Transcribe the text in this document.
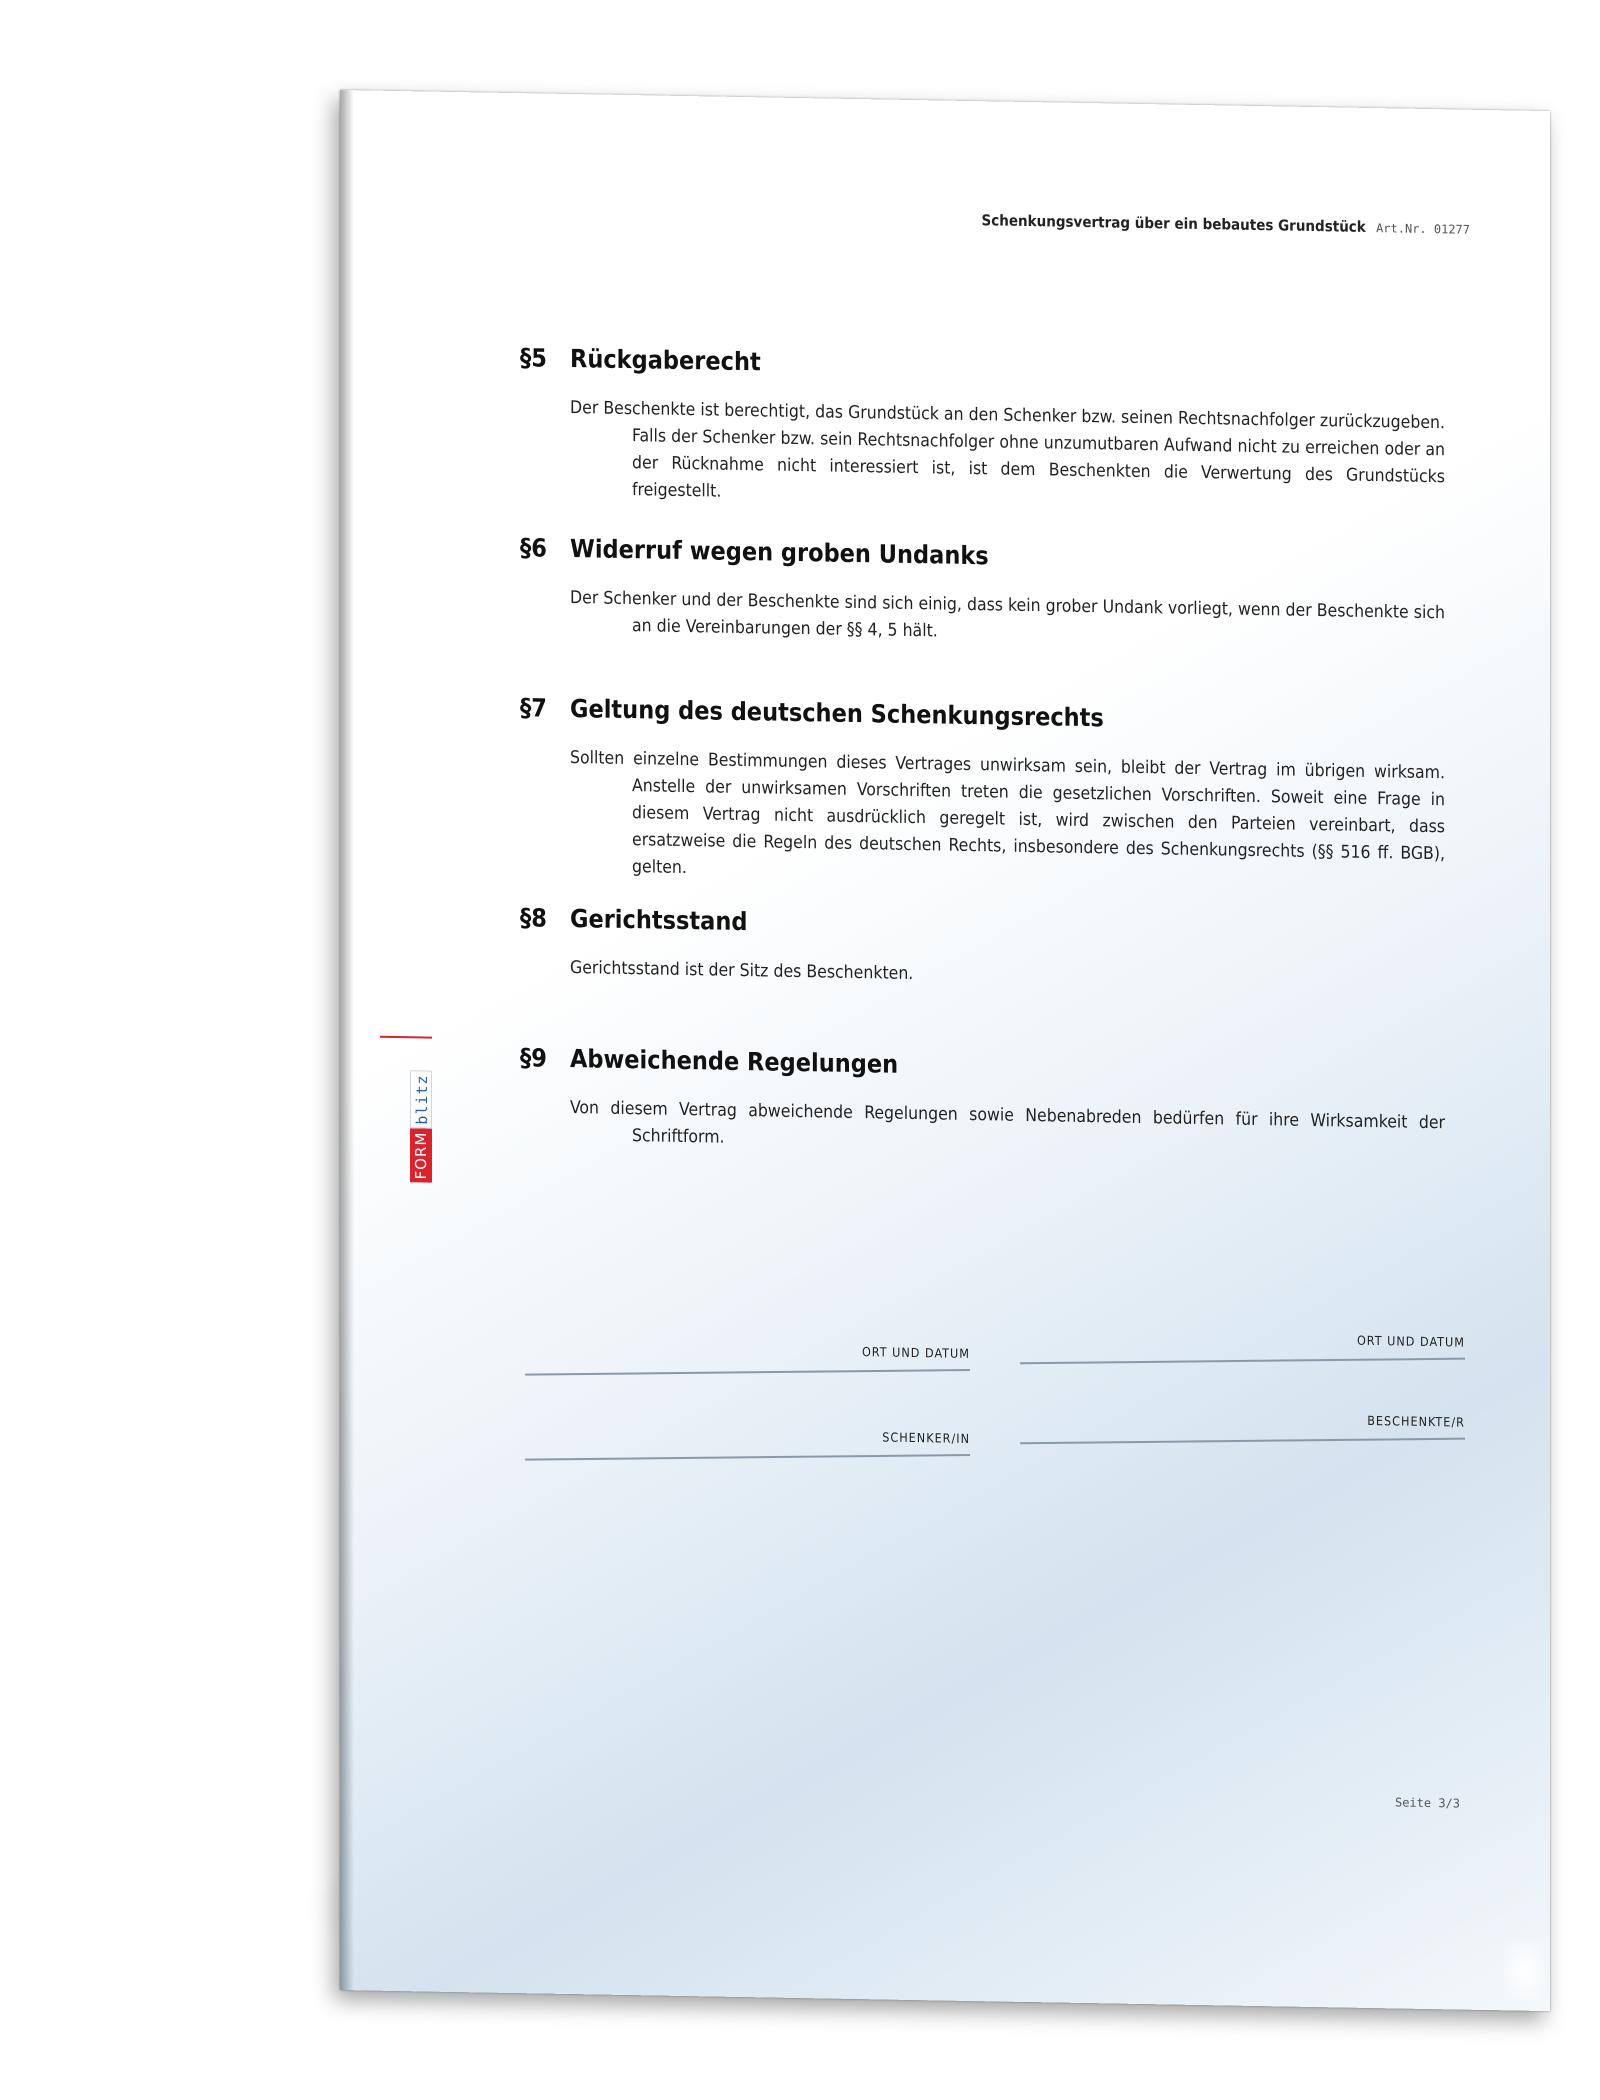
Schenkungsvertrag über ein bebautes Grundstück Art.Nr. 01277
§5 Rückgaberecht
Der Beschenkte ist berechtigt, das Grundstück an den Schenker bzw. seinen Rechtsnachfolger zurückzugeben. Falls der Schenker bzw. sein Rechtsnachfolger ohne unzumutbaren Aufwand nicht zu erreichen oder an der Rücknahme nicht interessiert ist, ist dem Beschenkten die Verwertung des Grundstücks freigestellt.
§6 Widerruf wegen groben Undanks
Der Schenker und der Beschenkte sind sich einig, dass kein grober Undank vorliegt, wenn der Beschenkte sich an die Vereinbarungen der §§ 4, 5 hält.
§7 Geltung des deutschen Schenkungsrechts
Sollten einzelne Bestimmungen dieses Vertrages unwirksam sein, bleibt der Vertrag im übrigen wirksam. Anstelle der unwirksamen Vorschriften treten die gesetzlichen Vorschriften. Soweit eine Frage in diesem Vertrag nicht ausdrücklich geregelt ist, wird zwischen den Parteien vereinbart, dass ersatzweise die Regeln des deutschen Rechts, insbesondere des Schenkungsrechts (§§ 516 ff. BGB), gelten.
§8 Gerichtsstand
Gerichtsstand ist der Sitz des Beschenkten.
§9 Abweichende Regelungen
Von diesem Vertrag abweichende Regelungen sowie Nebenabreden bedürfen für ihre Wirksamkeit der Schriftform.
ORT UND DATUM
ORT UND DATUM
SCHENKER/IN
BESCHENKTE/R
Seite 3/3
FORM
blitz
